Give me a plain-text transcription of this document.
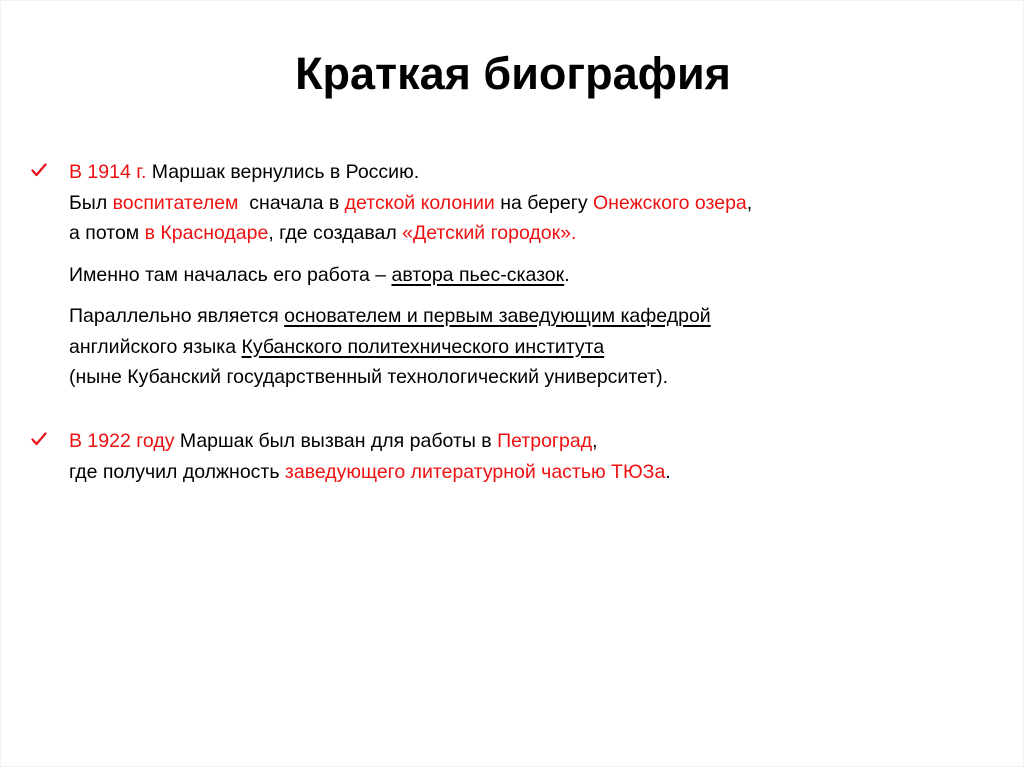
Краткая биография

В 1914 г. Маршак вернулись в Россию.
Был воспитателем  сначала в детской колонии на берегу Онежского озера,
а потом в Краснодаре, где создавал «Детский городок».

Именно там началась его работа – автора пьес-сказок.

Параллельно является основателем и первым заведующим кафедрой
английского языка Кубанского политехнического института
(ныне Кубанский государственный технологический университет).

В 1922 году Маршак был вызван для работы в Петроград,
где получил должность заведующего литературной частью ТЮЗа.
